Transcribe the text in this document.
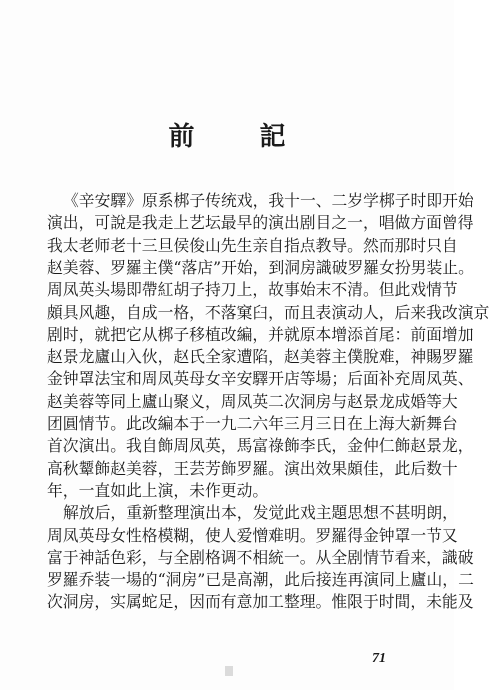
前 記
《辛安驛》原系梆子传统戏，我十一、二岁学梆子时即开始
演出，可說是我走上艺坛最早的演出剧目之一，唱做方面曾得
我太老师老十三旦侯俊山先生亲自指点教导。然而那时只自
赵美蓉、罗羅主僕“落店”开始，到洞房識破罗羅女扮男装止。
周凤英头場即帶紅胡子持刀上，故事始末不清。但此戏情节
頗具风趣，自成一格，不落窠臼，而且表演动人，后来我改演京
剧时，就把它从梆子移植改編，并就原本增添首尾：前面增加
赵景龙廬山入伙，赵氏全家遭陷，赵美蓉主僕脫难，神賜罗羅
金钟罩法宝和周凤英母女辛安驛开店等場；后面补充周凤英、
赵美蓉等同上廬山聚义，周凤英二次洞房与赵景龙成婚等大
团圓情节。此改編本于一九二六年三月三日在上海大新舞台
首次演出。我自飾周凤英，馬富祿飾李氏，金仲仁飾赵景龙，
高秋颦飾赵美蓉，王芸芳飾罗羅。演出效果頗佳，此后数十
年，一直如此上演，未作更动。
解放后，重新整理演出本，发觉此戏主題思想不甚明朗，
周凤英母女性格模糊，使人爱憎难明。罗羅得金钟罩一节又
富于神話色彩，与全剧格调不相統一。从全剧情节看来，識破
罗羅乔装一場的“洞房”已是高潮，此后接连再演同上廬山，二
次洞房，实属蛇足，因而有意加工整理。惟限于时間，未能及
71
